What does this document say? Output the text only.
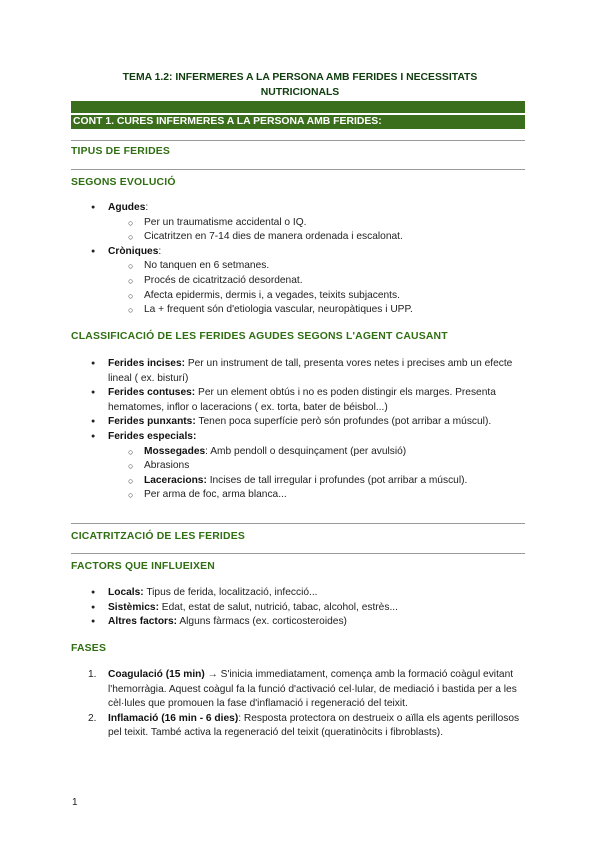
TEMA 1.2: INFERMERES A LA PERSONA AMB FERIDES I NECESSITATS NUTRICIONALS
CONT 1. CURES INFERMERES A LA PERSONA AMB FERIDES:
TIPUS DE FERIDES
SEGONS EVOLUCIÓ
● Agudes:
○ Per un traumatisme accidental o IQ.
○ Cicatritzen en 7-14 dies de manera ordenada i escalonat.
● Cròniques:
○ No tanquen en 6 setmanes.
○ Procés de cicatrització desordenat.
○ Afecta epidermis, dermis i, a vegades, teixits subjacents.
○ La + frequent són d'etiologia vascular, neuropàtiques i UPP.
CLASSIFICACIÓ DE LES FERIDES AGUDES SEGONS L'AGENT CAUSANT
● Ferides incises: Per un instrument de tall, presenta vores netes i precises amb un efecte lineal ( ex. bisturí)
● Ferides contuses: Per un element obtús i no es poden distingir els marges. Presenta hematomes, inflor o laceracions ( ex. torta, bater de béisbol...)
● Ferides punxants: Tenen poca superfície però són profundes (pot arribar a múscul).
● Ferides especials:
○ Mossegades: Amb pendoll o desquinçament (per avulsió)
○ Abrasions
○ Laceracions: Incises de tall irregular i profundes (pot arribar a múscul).
○ Per arma de foc, arma blanca...
CICATRITZACIÓ DE LES FERIDES
FACTORS QUE INFLUEIXEN
● Locals: Tipus de ferida, localització, infecció...
● Sistèmics: Edat, estat de salut, nutrició, tabac, alcohol, estrès...
● Altres factors: Alguns fàrmacs (ex. corticosteroides)
FASES
1. Coagulació (15 min) → S'inicia immediatament, comença amb la formació coàgul evitant l'hemorràgia. Aquest coàgul fa la funció d'activació cel·lular, de mediació i bastida per a les cèl·lules que promouen la fase d'inflamació i regeneració del teixit.
2. Inflamació (16 min - 6 dies): Resposta protectora on destrueix o aïlla els agents perillosos pel teixit. També activa la regeneració del teixit (queratinòcits i fibroblasts).
1
